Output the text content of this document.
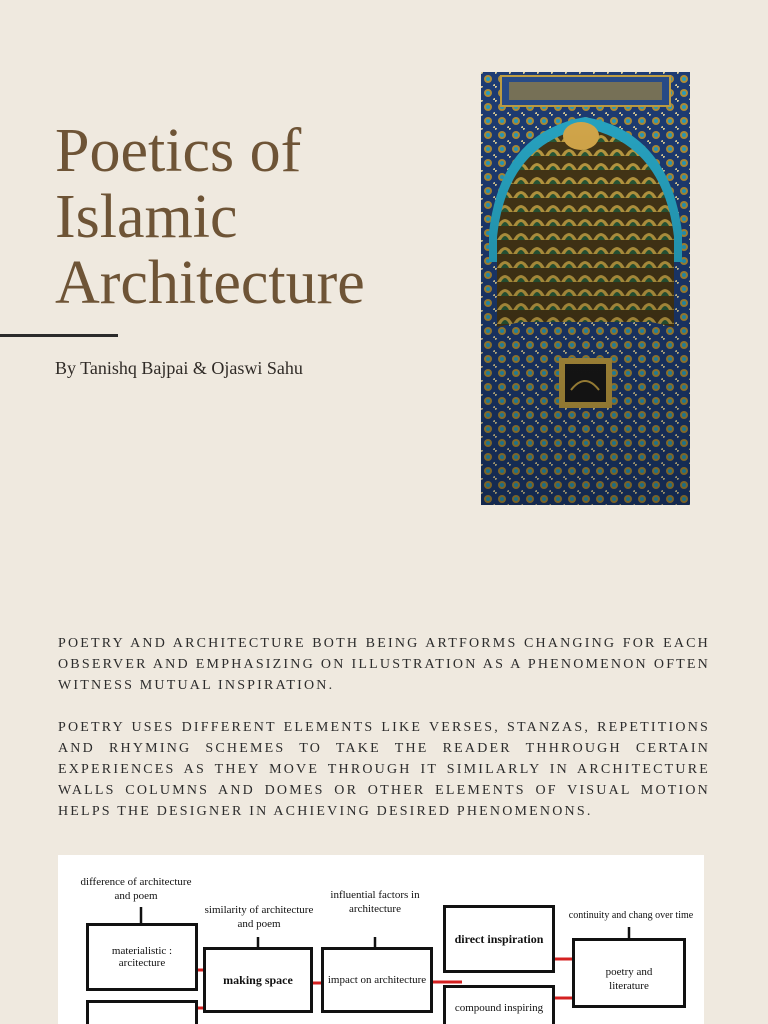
Poetics of
Islamic
Architecture
By Tanishq Bajpai & Ojaswi Sahu

POETRY AND ARCHITECTURE BOTH BEING ARTFORMS CHANGING FOR EACH OBSERVER AND EMPHASIZING ON ILLUSTRATION AS A PHENOMENON OFTEN WITNESS MUTUAL INSPIRATION.

POETRY USES DIFFERENT ELEMENTS LIKE VERSES, STANZAS, REPETITIONS AND RHYMING SCHEMES TO TAKE THE READER THHROUGH CERTAIN EXPERIENCES AS THEY MOVE THROUGH IT SIMILARLY IN ARCHITECTURE WALLS COLUMNS AND DOMES OR OTHER ELEMENTS OF VISUAL MOTION HELPS THE DESIGNER IN ACHIEVING DESIRED PHENOMENONS.

difference of architecture and poem
similarity of architecture and poem
influential factors in architecture
continuity and chang over time
materialistic : arcitecture
making space	impact on architecture
direct inspiration
compound inspiring
poetry and literature
